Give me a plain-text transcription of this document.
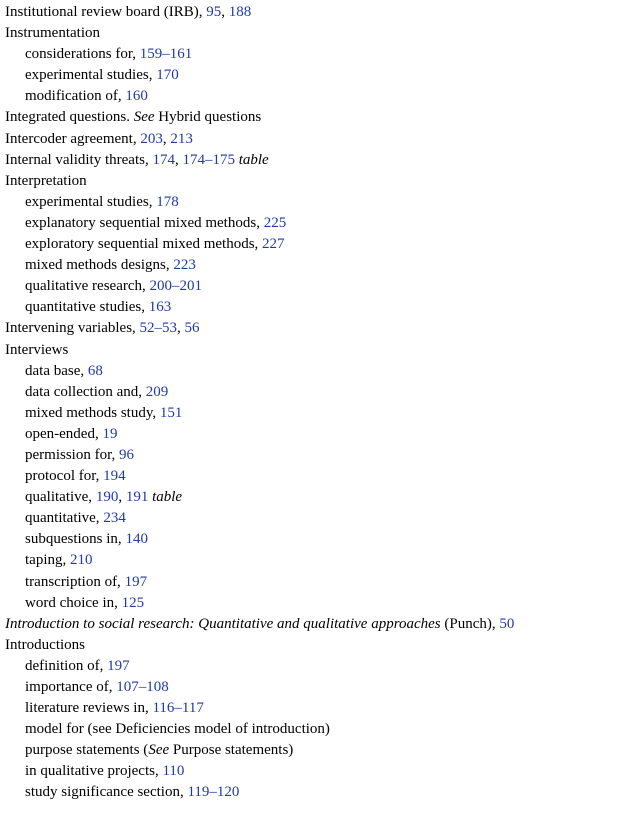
Institutional review board (IRB), 95, 188
Instrumentation
considerations for, 159–161
experimental studies, 170
modification of, 160
Integrated questions. See Hybrid questions
Intercoder agreement, 203, 213
Internal validity threats, 174, 174–175 table
Interpretation
experimental studies, 178
explanatory sequential mixed methods, 225
exploratory sequential mixed methods, 227
mixed methods designs, 223
qualitative research, 200–201
quantitative studies, 163
Intervening variables, 52–53, 56
Interviews
data base, 68
data collection and, 209
mixed methods study, 151
open-ended, 19
permission for, 96
protocol for, 194
qualitative, 190, 191 table
quantitative, 234
subquestions in, 140
taping, 210
transcription of, 197
word choice in, 125
Introduction to social research: Quantitative and qualitative approaches (Punch), 50
Introductions
definition of, 197
importance of, 107–108
literature reviews in, 116–117
model for (see Deficiencies model of introduction)
purpose statements (See Purpose statements)
in qualitative projects, 110
study significance section, 119–120
